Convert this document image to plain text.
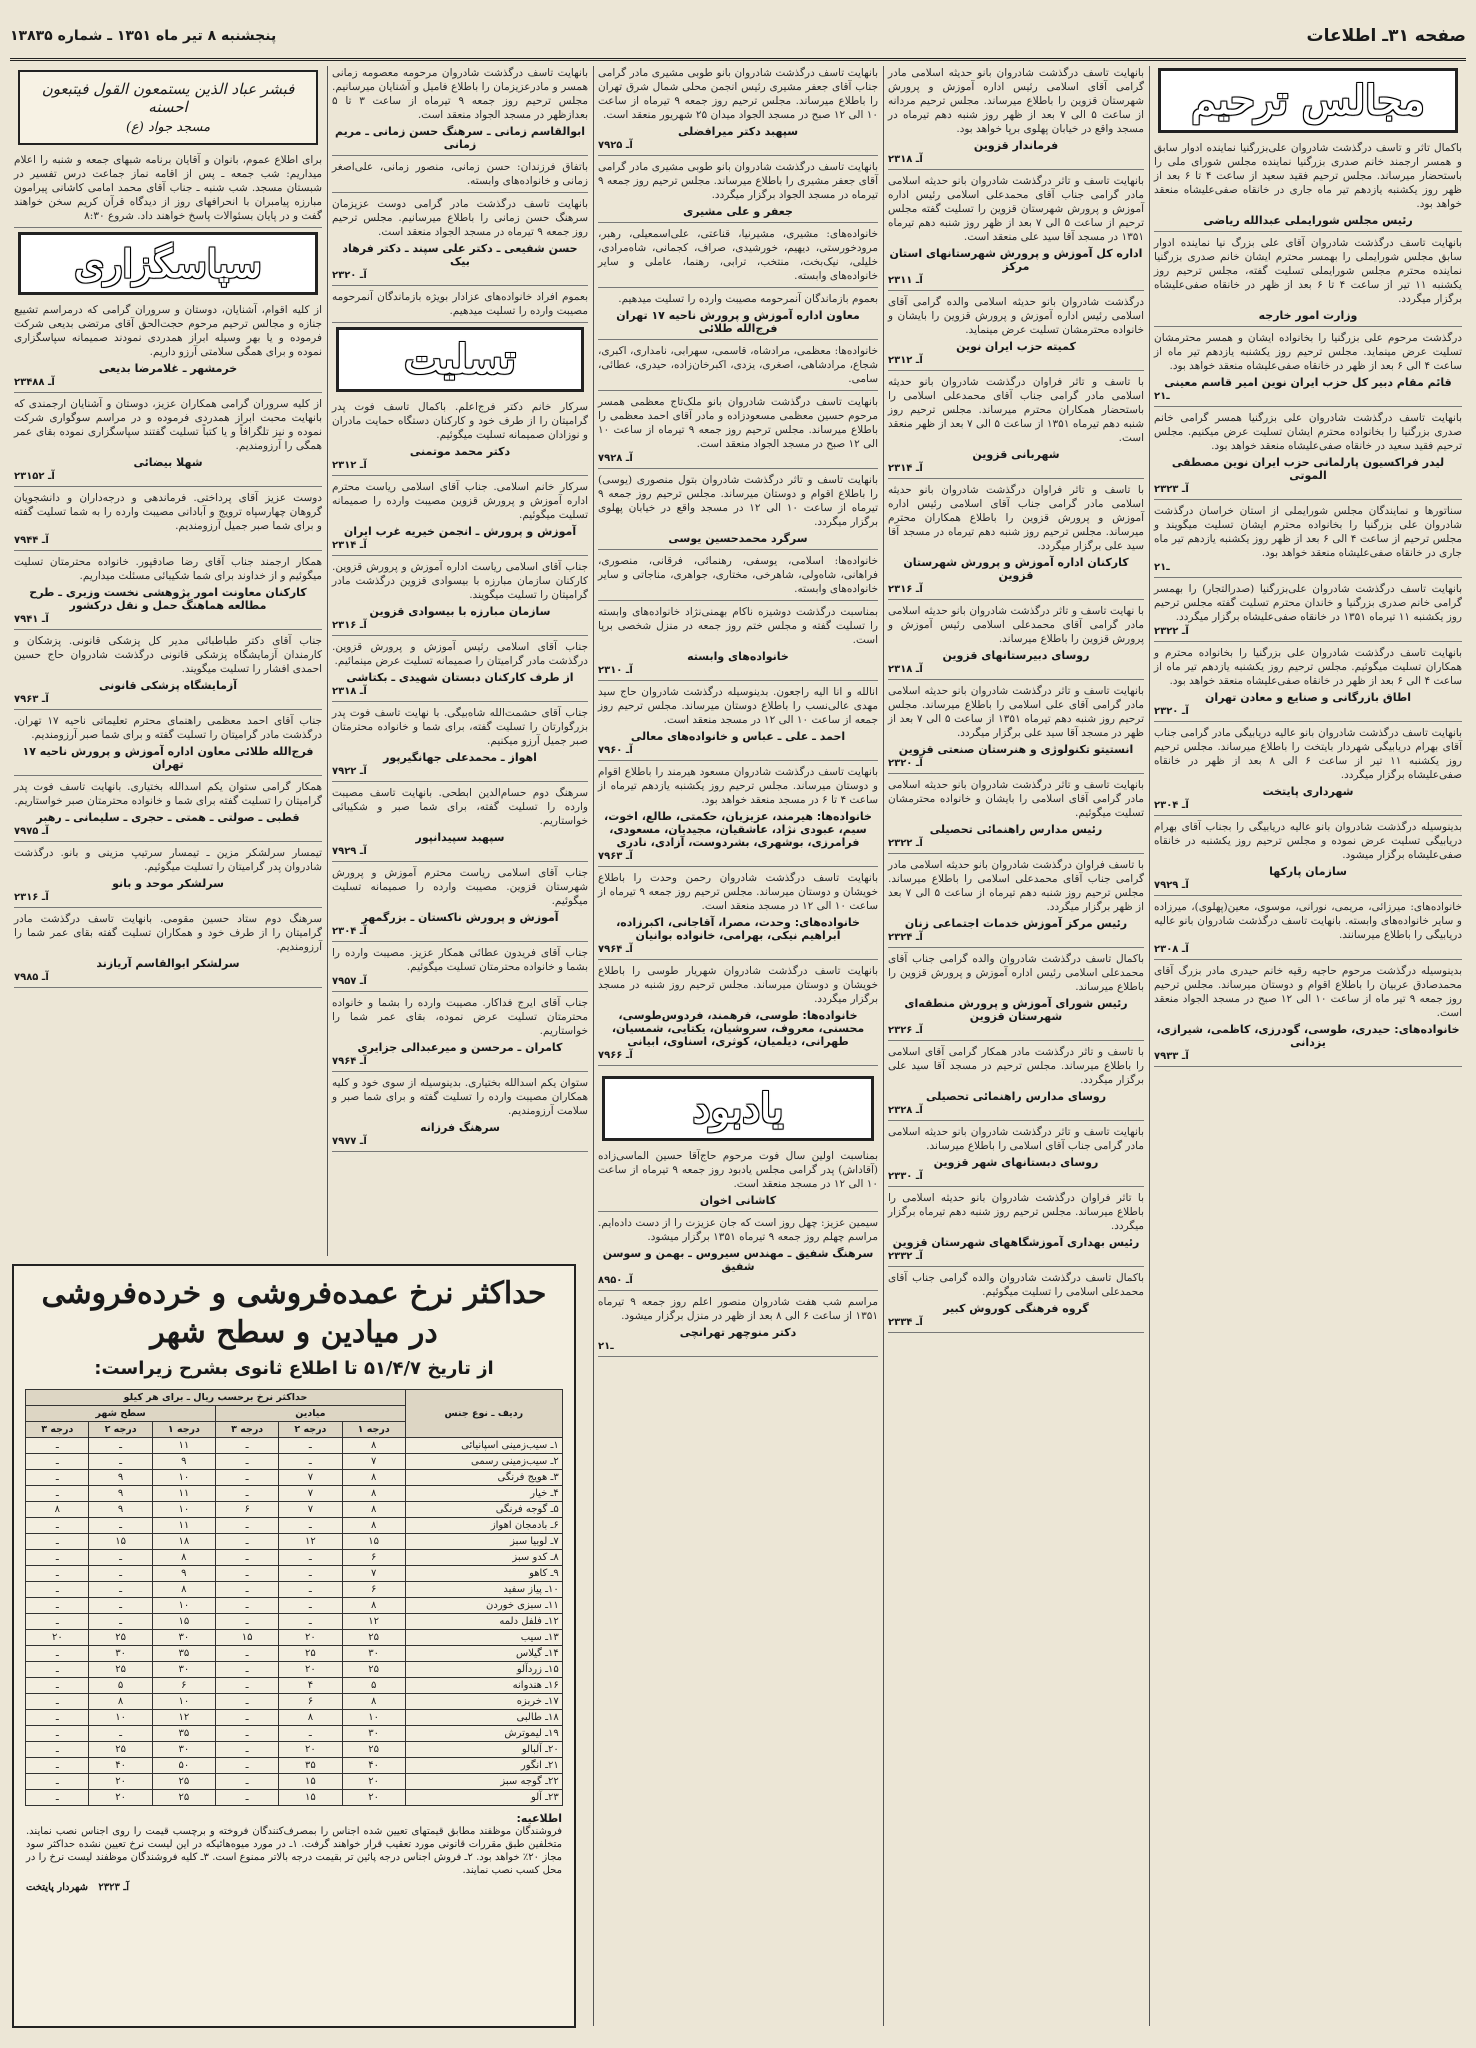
صفحه ۳۱ـ اطلاعات
پنجشنبه ۸ تیر ماه ۱۳۵۱ ـ شماره ۱۳۸۳۵
مجالس ترحیم

باکمال تاثر و تاسف درگذشت شادروان علی‌بزرگنیا نماینده ادوار سابق و همسر ارجمند خانم صدری بزرگنیا نماینده مجلس شورای ملی را باستحضار میرساند. مجلس ترحیم فقید سعید از ساعت ۴ تا ۶ بعد از ظهر روز یکشنبه یازدهم تیر ماه جاری در خانقاه صفی‌علیشاه منعقد خواهد بود.

رئیس مجلس شورایملی عبدالله ریاضی

بانهایت تاسف درگذشت شادروان آقای علی بزرگ نیا نماینده ادوار سابق مجلس شورایملی را بهمسر محترم ایشان خانم صدری بزرگنیا نماینده محترم مجلس شورایملی تسلیت گفته، مجلس ترحیم روز یکشنبه ۱۱ تیر از ساعت ۴ تا ۶ بعد از ظهر در خانقاه صفی‌علیشاه برگزار میگردد.

وزارت امور خارجه

درگذشت مرحوم علی بزرگنیا را بخانواده ایشان و همسر محترمشان تسلیت عرض مینماید. مجلس ترحیم روز یکشنبه یازدهم تیر ماه از ساعت ۴ الی ۶ بعد از ظهر در خانقاه صفی‌علیشاه منعقد خواهد بود.

قائم مقام دبیر کل حزب ایران نوین امیر قاسم معینی
۲ـ۱

بانهایت تاسف درگذشت شادروان علی بزرگنیا همسر گرامی خانم صدری بزرگنیا را بخانواده محترم ایشان تسلیت عرض میکنیم. مجلس ترحیم فقید سعید در خانقاه صفی‌علیشاه منعقد خواهد بود.

لیدر فراکسیون پارلمانی حزب ایران نوین مصطفی الموتی
آـ ۲۳۲۳

سناتورها و نمایندگان مجلس شورایملی از استان خراسان درگذشت شادروان علی بزرگنیا را بخانواده محترم ایشان تسلیت میگویند و مجلس ترحیم از ساعت ۴ الی ۶ بعد از ظهر روز یکشنبه یازدهم تیر ماه جاری در خانقاه صفی‌علیشاه منعقد خواهد بود.

۲ـ۱

بانهایت تاسف درگذشت شادروان علی‌بزرگنیا (صدرالتجار) را بهمسر گرامی خانم صدری بزرگنیا و خاندان محترم تسلیت گفته مجلس ترحیم روز یکشنبه ۱۱ تیرماه ۱۳۵۱ در خانقاه صفی‌علیشاه برگزار میگردد.

آـ ۲۳۲۲

بانهایت تاسف درگذشت شادروان علی بزرگنیا را بخانواده محترم و همکاران تسلیت میگوئیم. مجلس ترحیم روز یکشنبه یازدهم تیر ماه از ساعت ۴ الی ۶ بعد از ظهر در خانقاه صفی‌علیشاه منعقد خواهد بود.

اطاق بازرگانی و صنایع و معادن تهران
آـ ۲۳۲۰

بانهایت تاسف درگذشت شادروان بانو عالیه دریابیگی مادر گرامی جناب آقای بهرام دریابیگی شهردار بایتخت را باطلاع میرساند. مجلس ترحیم روز یکشنبه ۱۱ تیر از ساعت ۶ الی ۸ بعد از ظهر در خانقاه صفی‌علیشاه برگزار میگردد.

شهرداری پایتخت
آـ ۲۳۰۴

بدینوسیله درگذشت شادروان بانو عالیه دریابیگی را بجناب آقای بهرام دریابیگی تسلیت عرض نموده و مجلس ترحیم روز یکشنبه در خانقاه صفی‌علیشاه برگزار میشود.

سازمان پارکها
آـ ۷۹۲۹

خانواده‌های: میرزائی، مریمی، نورانی، موسوی، معین(پهلوی)، میرزاده و سایر خانواده‌های وابسته. بانهایت تاسف درگذشت شادروان بانو عالیه دریابیگی را باطلاع میرسانند.

آـ ۲۳۰۸

بدینوسیله درگذشت مرحوم حاجیه رقیه خانم حیدری مادر بزرگ آقای محمدصادق عربیان را باطلاع اقوام و دوستان میرساند. مجلس ترحیم روز جمعه ۹ تیر ماه از ساعت ۱۰ الی ۱۲ صبح در مسجد الجواد منعقد است.

خانواده‌های: حیدری، طوسی، گودرزی، کاظمی، شیرازی، یزدانی
آـ ۷۹۳۳

بانهایت تاسف درگذشت شادروان بانو حدیثه اسلامی مادر گرامی آقای اسلامی رئیس اداره آموزش و پرورش شهرستان قزوین را باطلاع میرساند. مجلس ترحیم مردانه از ساعت ۵ الی ۷ بعد از ظهر روز شنبه دهم تیرماه در مسجد واقع در خیابان پهلوی برپا خواهد بود.

فرماندار قزوین
آـ ۲۳۱۸

بانهایت تاسف و تاثر درگذشت شادروان بانو حدیثه اسلامی مادر گرامی جناب آقای محمدعلی اسلامی رئیس اداره آموزش و پرورش شهرستان قزوین را تسلیت گفته مجلس ترحیم از ساعت ۵ الی ۷ بعد از ظهر روز شنبه دهم تیرماه ۱۳۵۱ در مسجد آقا سید علی منعقد است.

اداره کل آموزش و پرورش شهرستانهای استان مرکز
آـ ۲۳۱۱

درگذشت شادروان بانو حدیثه اسلامی والده گرامی آقای اسلامی رئیس اداره آموزش و پرورش قزوین را بایشان و خانواده محترمشان تسلیت عرض مینماید.

کمیته حزب ایران نوین
آـ ۲۳۱۲

با تاسف و تاثر فراوان درگذشت شادروان بانو حدیثه اسلامی مادر گرامی جناب آقای محمدعلی اسلامی را باستحضار همکاران محترم میرساند. مجلس ترحیم روز شنبه دهم تیرماه ۱۳۵۱ از ساعت ۵ الی ۷ بعد از ظهر منعقد است.

شهربانی قزوین
آـ ۲۳۱۴

با تاسف و تاثر فراوان درگذشت شادروان بانو حدیثه اسلامی مادر گرامی جناب آقای اسلامی رئیس اداره آموزش و پرورش قزوین را باطلاع همکاران محترم میرساند. مجلس ترحیم روز شنبه دهم تیرماه در مسجد آقا سید علی برگزار میگردد.

کارکنان اداره آموزش و پرورش شهرستان قزوین
آـ ۲۳۱۶

با نهایت تاسف و تاثر درگذشت شادروان بانو حدیثه اسلامی مادر گرامی آقای محمدعلی اسلامی رئیس آموزش و پرورش قزوین را باطلاع میرساند.

روسای دبیرستانهای قزوین
آـ ۲۳۱۸

بانهایت تاسف و تاثر درگذشت شادروان بانو حدیثه اسلامی مادر گرامی آقای علی اسلامی را باطلاع میرساند. مجلس ترحیم روز شنبه دهم تیرماه ۱۳۵۱ از ساعت ۵ الی ۷ بعد از ظهر در مسجد آقا سید علی برگزار میگردد.

انستیتو تکنولوژی و هنرستان صنعتی قزوین
آـ ۲۳۲۰

بانهایت تاسف و تاثر درگذشت شادروان بانو حدیثه اسلامی مادر گرامی آقای اسلامی را بایشان و خانواده محترمشان تسلیت میگوئیم.

رئیس مدارس راهنمائی تحصیلی
آـ ۲۳۲۲

با تاسف فراوان درگذشت شادروان بانو حدیثه اسلامی مادر گرامی جناب آقای محمدعلی اسلامی را باطلاع میرساند. مجلس ترحیم روز شنبه دهم تیرماه از ساعت ۵ الی ۷ بعد از ظهر برگزار میگردد.

رئیس مرکز آموزش خدمات اجتماعی زنان
آـ ۲۳۲۴

باکمال تاسف درگذشت شادروان والده گرامی جناب آقای محمدعلی اسلامی رئیس اداره آموزش و پرورش قزوین را باطلاع میرساند.

رئیس شورای آموزش و پرورش منطقه‌ای شهرستان قزوین
آـ ۲۳۲۶

با تاسف و تاثر درگذشت مادر همکار گرامی آقای اسلامی را باطلاع میرساند. مجلس ترحیم در مسجد آقا سید علی برگزار میگردد.

روسای مدارس راهنمائی تحصیلی
آـ ۲۳۲۸

بانهایت تاسف و تاثر درگذشت شادروان بانو حدیثه اسلامی مادر گرامی جناب آقای اسلامی را باطلاع میرساند.

روسای دبستانهای شهر قزوین
آـ ۲۳۳۰

با تاثر فراوان درگذشت شادروان بانو حدیثه اسلامی را باطلاع میرساند. مجلس ترحیم روز شنبه دهم تیرماه برگزار میگردد.

رئیس بهداری آموزشگاههای شهرستان قزوین
آـ ۲۳۳۲

باکمال تاسف درگذشت شادروان والده گرامی جناب آقای محمدعلی اسلامی را تسلیت میگوئیم.

گروه فرهنگی کوروش کبیر
آـ ۲۳۳۴

بانهایت تاسف درگذشت شادروان بانو طوبی مشیری مادر گرامی جناب آقای جعفر مشیری رئیس انجمن محلی شمال شرق تهران را باطلاع میرساند. مجلس ترحیم روز جمعه ۹ تیرماه از ساعت ۱۰ الی ۱۲ صبح در مسجد الجواد میدان ۲۵ شهریور منعقد است.

سپهبد دکتر میرافضلی
آـ ۷۹۲۵

بانهایت تاسف درگذشت شادروان بانو طوبی مشیری مادر گرامی آقای جعفر مشیری را باطلاع میرساند. مجلس ترحیم روز جمعه ۹ تیرماه در مسجد الجواد برگزار میگردد.

جعفر و علی مشیری

خانواده‌های: مشیری، مشیرنیا، قناعتی، علی‌اسمعیلی، رهبر، مرودخورستی، دیهیم، خورشیدی، صراف، کجمانی، شاه‌مرادی، خلیلی، نیک‌بخت، منتخب، ترابی، رهنما، عاملی و سایر خانواده‌های وابسته.

بعموم بازماندگان آنمرحومه مصیبت وارده را تسلیت میدهیم.

معاون اداره آموزش و پرورش ناحیه ۱۷ تهران فرج‌الله طلائی

خانواده‌ها: معظمی، مرادشاه، قاسمی، سهرابی، نامداری، اکبری، شجاع، مرادشاهی، اصغری، یزدی، اکبرخان‌زاده، حیدری، عطائی، سامی.

بانهایت تاسف درگذشت شادروان بانو ملک‌تاج معظمی همسر مرحوم حسین معظمی مسعودزاده و مادر آقای احمد معظمی را باطلاع میرساند. مجلس ترحیم روز جمعه ۹ تیرماه از ساعت ۱۰ الی ۱۲ صبح در مسجد الجواد منعقد است.

آـ ۷۹۲۸

بانهایت تاسف و تاثر درگذشت شادروان بتول منصوری (یوسی) را باطلاع اقوام و دوستان میرساند. مجلس ترحیم روز جمعه ۹ تیرماه از ساعت ۱۰ الی ۱۲ در مسجد واقع در خیابان پهلوی برگزار میگردد.

سرگرد محمدحسین یوسی

خانواده‌ها: اسلامی، یوسفی، رهنمائی، فرقانی، منصوری، فراهانی، شاه‌ولی، شاهرخی، مختاری، جواهری، مناجاتی و سایر خانواده‌های وابسته.

بمناسبت درگذشت دوشیزه ناکام بهمنی‌نژاد خانواده‌های وابسته را تسلیت گفته و مجلس ختم روز جمعه در منزل شخصی برپا است.

خانواده‌های وابسته
آـ ۲۳۱۰

انالله و انا الیه راجعون. بدینوسیله درگذشت شادروان حاج سید مهدی عالی‌نسب را باطلاع دوستان میرساند. مجلس ترحیم روز جمعه از ساعت ۱۰ الی ۱۲ در مسجد منعقد است.

احمد ـ علی ـ عباس و خانواده‌های معالی
آـ ۷۹۶۰

بانهایت تاسف درگذشت شادروان مسعود هیرمند را باطلاع اقوام و دوستان میرساند. مجلس ترحیم روز یکشنبه یازدهم تیرماه از ساعت ۴ تا ۶ در مسجد منعقد خواهد بود.

خانواده‌ها: هیرمند، عزیزیان، حکمتی، طالع، اخوت، سیم، عبودی نژاد، عاشقیان، مجیدیان، مسعودی، فرامرزی، بوشهری، بشردوست، آزادی، نادری
آـ ۷۹۶۳

بانهایت تاسف درگذشت شادروان رحمن وحدت را باطلاع خویشان و دوستان میرساند. مجلس ترحیم روز جمعه ۹ تیرماه از ساعت ۱۰ الی ۱۲ در مسجد منعقد است.

خانواده‌های: وحدت، مصرا، آقاجانی، اکبرزاده، ابراهیم نیکی، بهرامی، خانواده بوانیان
آـ ۷۹۶۴

بانهایت تاسف درگذشت شادروان شهریار طوسی را باطلاع خویشان و دوستان میرساند. مجلس ترحیم روز شنبه در مسجد برگزار میگردد.

خانواده‌ها: طوسی، فرهمند، فردوس‌طوسی، محسنی، معروف، سروشیان، یکتایی، شمسیان، طهرانی، دیلمیان، کوثری، اسناوی، ابیانی
آـ ۷۹۶۶
یادبود

بمناسبت اولین سال فوت مرحوم حاج‌آقا حسین الماسی‌زاده (آقاداش) پدر گرامی مجلس یادبود روز جمعه ۹ تیرماه از ساعت ۱۰ الی ۱۲ در مسجد منعقد است.

کاشانی اخوان

سیمین عزیز: چهل روز است که جان عزیزت را از دست داده‌ایم. مراسم چهلم روز جمعه ۹ تیرماه ۱۳۵۱ برگزار میشود.

سرهنگ شفیق ـ مهندس سیروس ـ بهمن و سوسن شفیق
آـ ۸۹۵۰

مراسم شب هفت شادروان منصور اعلم روز جمعه ۹ تیرماه ۱۳۵۱ از ساعت ۶ الی ۸ بعد از ظهر در منزل برگزار میشود.

دکتر منوچهر تهرانچی
۲ـ۱

بانهایت تاسف درگذشت شادروان مرحومه معصومه زمانی همسر و مادرعزیزمان را باطلاع فامیل و آشنایان میرسانیم. مجلس ترحیم روز جمعه ۹ تیرماه از ساعت ۳ تا ۵ بعدازظهر در مسجد الجواد منعقد است.

ابوالقاسم زمانی ـ سرهنگ حسن زمانی ـ مریم زمانی

باتفاق فرزندان: حسن زمانی، منصور زمانی، علی‌اصغر زمانی و خانواده‌های وابسته.

بانهایت تاسف درگذشت مادر گرامی دوست عزیزمان سرهنگ حسن زمانی را باطلاع میرسانیم. مجلس ترحیم روز جمعه ۹ تیرماه در مسجد الجواد منعقد است.

حسن شفیعی ـ دکتر علی سپند ـ دکتر فرهاد بیک
آـ ۲۳۲۰

بعموم افراد خانواده‌های عزادار بویژه بازماندگان آنمرحومه مصیبت وارده را تسلیت میدهیم.

تسلیت

سرکار خانم دکتر فرج‌اعلم. باکمال تاسف فوت پدر گرامیتان را از طرف خود و کارکنان دستگاه حمایت مادران و نوزادان صمیمانه تسلیت میگوئیم.

دکتر محمد موتمنی
آـ ۲۳۱۲

سرکار خانم اسلامی. جناب آقای اسلامی ریاست محترم اداره آموزش و پرورش قزوین مصیبت وارده را صمیمانه تسلیت میگوئیم.

آموزش و پرورش ـ انجمن خیریه غرب ایران
آـ ۲۳۱۴

جناب آقای اسلامی ریاست اداره آموزش و پرورش قزوین. کارکنان سازمان مبارزه با بیسوادی قزوین درگذشت مادر گرامیتان را تسلیت میگویند.

سازمان مبارزه با بیسوادی قزوین
آـ ۲۳۱۶

جناب آقای اسلامی رئیس آموزش و پرورش قزوین. درگذشت مادر گرامیتان را صمیمانه تسلیت عرض مینمائیم.

از طرف کارکنان دبستان شهیدی ـ بکتاشی
آـ ۲۳۱۸

جناب آقای حشمت‌الله شاه‌بیگی. با نهایت تاسف فوت پدر بزرگوارتان را تسلیت گفته، برای شما و خانواده محترمتان صبر جمیل آرزو میکنیم.

اهواز ـ محمدعلی جهانگیرپور
آـ ۷۹۲۲

سرهنگ دوم حسام‌الدین ابطحی. بانهایت تاسف مصیبت وارده را تسلیت گفته، برای شما صبر و شکیبائی خواستاریم.

سپهبد سپیدانپور
آـ ۷۹۲۹

جناب آقای اسلامی ریاست محترم آموزش و پرورش شهرستان قزوین. مصیبت وارده را صمیمانه تسلیت میگوئیم.

آموزش و پرورش ناکستان ـ بزرگمهر
آـ ۲۳۰۴

جناب آقای فریدون عطائی همکار عزیز. مصیبت وارده را بشما و خانواده محترمتان تسلیت میگوئیم.

آـ ۷۹۵۷

جناب آقای ایرج فداکار. مصیبت وارده را بشما و خانواده محترمتان تسلیت عرض نموده، بقای عمر شما را خواستاریم.

کامران ـ مرحسن و میرعبدالی جزایری
آـ ۷۹۶۴

ستوان یکم اسدالله بختیاری. بدینوسیله از سوی خود و کلیه همکاران مصیبت وارده را تسلیت گفته و برای شما صبر و سلامت آرزومندیم.

سرهنگ فرزانه
آـ ۷۹۷۷
فبشر عباد الذین یستمعون القول فیتبعون احسنه
مسجد جواد (ع)

برای اطلاع عموم، بانوان و آقایان برنامه شبهای جمعه و شنبه را اعلام میداریم: شب جمعه ـ پس از اقامه نماز جماعت درس تفسیر در شبستان مسجد. شب شنبه ـ جناب آقای محمد امامی کاشانی پیرامون مبارزه پیامبران با انحرافهای روز از دیدگاه قرآن کریم سخن خواهند گفت و در پایان بسئوالات پاسخ خواهند داد. شروع ۸:۳۰

سپاسگزاری

از کلیه اقوام، آشنایان، دوستان و سروران گرامی که درمراسم تشییع جنازه و مجالس ترحیم مرحوم حجت‌الحق آقای مرتضی بدیعی شرکت فرموده و یا بهر وسیله ابراز همدردی نمودند صمیمانه سپاسگزاری نموده و برای همگی سلامتی آرزو داریم.

خرمشهر ـ غلامرضا بدیعی
آـ ۲۳۴۸۸

از کلیه سروران گرامی همکاران عزیز، دوستان و آشنایان ارجمندی که بانهایت محبت ابراز همدردی فرموده و در مراسم سوگواری شرکت نموده و نیز تلگرافاً و یا کتباً تسلیت گفتند سپاسگزاری نموده بقای عمر همگی را آرزومندیم.

شهلا بیضائی
آـ ۲۳۱۵۲

دوست عزیز آقای پرداختی. فرماندهی و درجه‌داران و دانشجویان گروهان چهارسپاه ترویج و آبادانی مصیبت وارده را به شما تسلیت گفته و برای شما صبر جمیل آرزومندیم.

آـ ۷۹۴۴

همکار ارجمند جناب آقای رضا صادقپور. خانواده محترمتان تسلیت میگوئیم و از خداوند برای شما شکیبائی مسئلت میداریم.

کارکنان معاونت امور پژوهشی نخست وزیری ـ طرح مطالعه هماهنگ حمل و نقل درکشور
آـ ۷۹۴۱

جناب آقای دکتر طباطبائی مدیر کل پزشکی قانونی. پزشکان و کارمندان آزمایشگاه پزشکی قانونی درگذشت شادروان حاج حسین احمدی افشار را تسلیت میگویند.

آزمایشگاه پزشکی قانونی
آـ ۷۹۶۳

جناب آقای احمد معظمی راهنمای محترم تعلیماتی ناحیه ۱۷ تهران. درگذشت مادر گرامیتان را تسلیت گفته و برای شما صبر آرزومندیم.

فرج‌الله طلائی معاون اداره آموزش و پرورش ناحیه ۱۷ تهران

همکار گرامی ستوان یکم اسدالله بختیاری. بانهایت تاسف فوت پدر گرامیتان را تسلیت گفته برای شما و خانواده محترمتان صبر خواستاریم.

قطبی ـ صولتی ـ همتی ـ حجری ـ سلیمانی ـ رهبر
آـ ۷۹۷۵

تیمسار سرلشکر مزین ـ تیمسار سرتیپ مزینی و بانو. درگذشت شادروان پدر گرامیتان را تسلیت میگوئیم.

سرلشکر موحد و بانو
آـ ۲۳۱۶

سرهنگ دوم ستاد حسین مقومی. بانهایت تاسف درگذشت مادر گرامیتان را از طرف خود و همکاران تسلیت گفته بقای عمر شما را آرزومندیم.

سرلشکر ابوالقاسم آریازند
آـ ۷۹۸۵
حداکثر نرخ عمده‌فروشی و خرده‌فروشی
در میادین و سطح شهر
از تاریخ ۵۱/۴/۷ تا اطلاع ثانوی بشرح زیراست:
ردیف ـ نوع جنس	حداکثر نرخ برحسب ریال ـ برای هر کیلو					
	میادین			سطح شهر		
	درجه ۱	درجه ۲	درجه ۳	درجه ۱	درجه ۲	درجه ۳
۱ـ سیب‌زمینی اسپانیائی	۸	ـ	ـ	۱۱	ـ	ـ
۲ـ سیب‌زمینی رسمی	۷	ـ	ـ	۹	ـ	ـ
۳ـ هویج فرنگی	۸	۷	ـ	۱۰	۹	ـ
۴ـ خیار	۸	۷	ـ	۱۱	۹	ـ
۵ـ گوجه فرنگی	۸	۷	۶	۱۰	۹	۸
۶ـ بادمجان اهواز	۸	ـ	ـ	۱۱	ـ	ـ
۷ـ لوبیا سبز	۱۵	۱۲	ـ	۱۸	۱۵	ـ
۸ـ کدو سبز	۶	ـ	ـ	۸	ـ	ـ
۹ـ کاهو	۷	ـ	ـ	۹	ـ	ـ
۱۰ـ پیاز سفید	۶	ـ	ـ	۸	ـ	ـ
۱۱ـ سبزی خوردن	۸	ـ	ـ	۱۰	ـ	ـ
۱۲ـ فلفل دلمه	۱۲	ـ	ـ	۱۵	ـ	ـ
۱۳ـ سیب	۲۵	۲۰	۱۵	۳۰	۲۵	۲۰
۱۴ـ گیلاس	۳۰	۲۵	ـ	۳۵	۳۰	ـ
۱۵ـ زردآلو	۲۵	۲۰	ـ	۳۰	۲۵	ـ
۱۶ـ هندوانه	۵	۴	ـ	۶	۵	ـ
۱۷ـ خربزه	۸	۶	ـ	۱۰	۸	ـ
۱۸ـ طالبی	۱۰	۸	ـ	۱۲	۱۰	ـ
۱۹ـ لیموترش	۳۰	ـ	ـ	۳۵	ـ	ـ
۲۰ـ آلبالو	۲۵	۲۰	ـ	۳۰	۲۵	ـ
۲۱ـ انگور	۴۰	۳۵	ـ	۵۰	۴۰	ـ
۲۲ـ گوجه سبز	۲۰	۱۵	ـ	۲۵	۲۰	ـ
۲۳ـ آلو	۲۰	۱۵	ـ	۲۵	۲۰	ـ
اطلاعیه:
فروشندگان موظفند مطابق قیمتهای تعیین شده اجناس را بمصرف‌کنندگان فروخته و برچسب قیمت را روی اجناس نصب نمایند. متخلفین طبق مقررات قانونی مورد تعقیب قرار خواهند گرفت. ۱ـ در مورد میوه‌هائیکه در این لیست نرخ تعیین نشده حداکثر سود مجاز ۲۰٪ خواهد بود. ۲ـ فروش اجناس درجه پائین تر بقیمت درجه بالاتر ممنوع است. ۳ـ کلیه فروشندگان موظفند لیست نرخ را در محل کسب نصب نمایند.
آـ ۲۳۲۳   شهردار پایتخت
